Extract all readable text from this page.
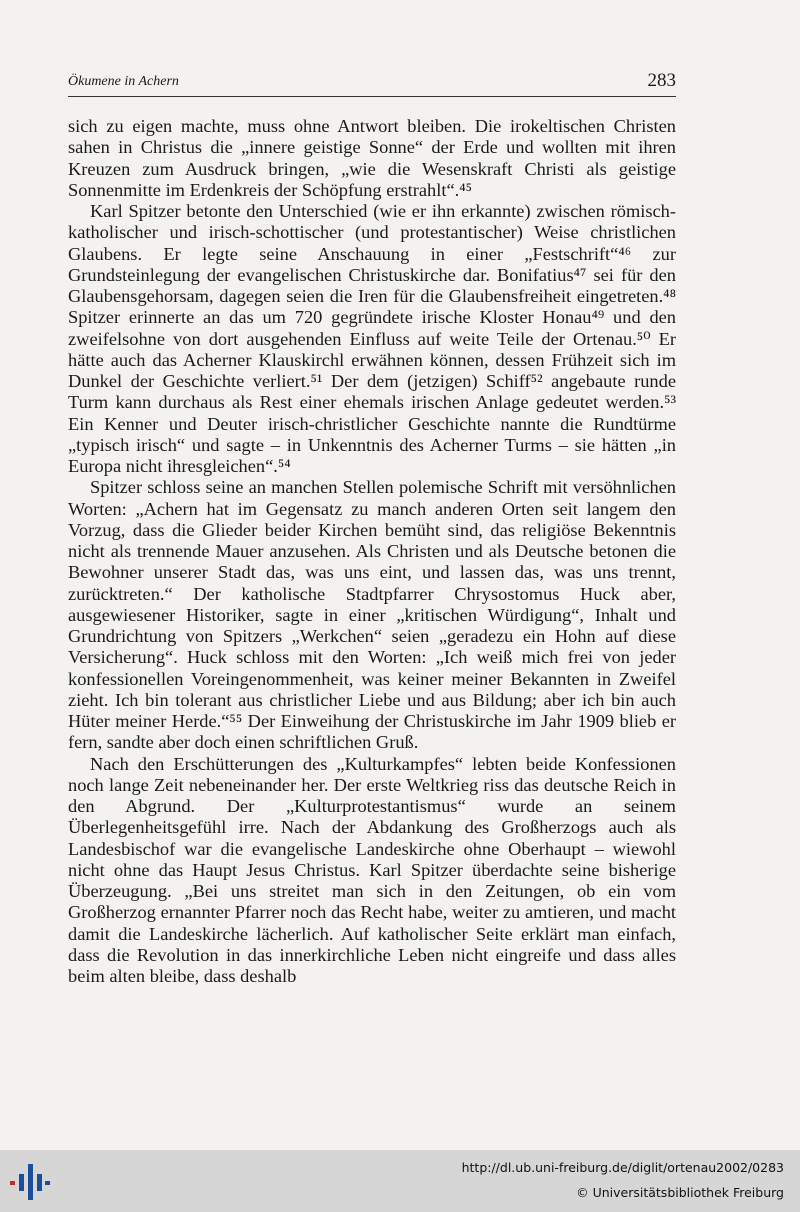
Ökumene in Achern	283

sich zu eigen machte, muss ohne Antwort bleiben. Die irokeltischen Christen sahen in Christus die „innere geistige Sonne“ der Erde und wollten mit ihren Kreuzen zum Ausdruck bringen, „wie die Wesenskraft Christi als geistige Sonnenmitte im Erdenkreis der Schöpfung erstrahlt“.⁴⁵

Karl Spitzer betonte den Unterschied (wie er ihn erkannte) zwischen römisch-katholischer und irisch-schottischer (und protestantischer) Weise christlichen Glaubens. Er legte seine Anschauung in einer „Festschrift“⁴⁶ zur Grundsteinlegung der evangelischen Christuskirche dar. Bonifatius⁴⁷ sei für den Glaubensgehorsam, dagegen seien die Iren für die Glaubensfreiheit eingetreten.⁴⁸ Spitzer erinnerte an das um 720 gegründete irische Kloster Honau⁴⁹ und den zweifelsohne von dort ausgehenden Einfluss auf weite Teile der Ortenau.⁵⁰ Er hätte auch das Acherner Klauskirchl erwähnen können, dessen Frühzeit sich im Dunkel der Geschichte verliert.⁵¹ Der dem (jetzigen) Schiff⁵² angebaute runde Turm kann durchaus als Rest einer ehemals irischen Anlage gedeutet werden.⁵³ Ein Kenner und Deuter irisch-christlicher Geschichte nannte die Rundtürme „typisch irisch“ und sagte – in Unkenntnis des Acherner Turms – sie hätten „in Europa nicht ihresgleichen“.⁵⁴

Spitzer schloss seine an manchen Stellen polemische Schrift mit versöhnlichen Worten: „Achern hat im Gegensatz zu manch anderen Orten seit langem den Vorzug, dass die Glieder beider Kirchen bemüht sind, das religiöse Bekenntnis nicht als trennende Mauer anzusehen. Als Christen und als Deutsche betonen die Bewohner unserer Stadt das, was uns eint, und lassen das, was uns trennt, zurücktreten.“ Der katholische Stadtpfarrer Chrysostomus Huck aber, ausgewiesener Historiker, sagte in einer „kritischen Würdigung“, Inhalt und Grundrichtung von Spitzers „Werkchen“ seien „geradezu ein Hohn auf diese Versicherung“. Huck schloss mit den Worten: „Ich weiß mich frei von jeder konfessionellen Voreingenommenheit, was keiner meiner Bekannten in Zweifel zieht. Ich bin tolerant aus christlicher Liebe und aus Bildung; aber ich bin auch Hüter meiner Herde.“⁵⁵ Der Einweihung der Christuskirche im Jahr 1909 blieb er fern, sandte aber doch einen schriftlichen Gruß.

Nach den Erschütterungen des „Kulturkampfes“ lebten beide Konfessionen noch lange Zeit nebeneinander her. Der erste Weltkrieg riss das deutsche Reich in den Abgrund. Der „Kulturprotestantismus“ wurde an seinem Überlegenheitsgefühl irre. Nach der Abdankung des Großherzogs auch als Landesbischof war die evangelische Landeskirche ohne Oberhaupt – wiewohl nicht ohne das Haupt Jesus Christus. Karl Spitzer überdachte seine bisherige Überzeugung. „Bei uns streitet man sich in den Zeitungen, ob ein vom Großherzog ernannter Pfarrer noch das Recht habe, weiter zu amtieren, und macht damit die Landeskirche lächerlich. Auf katholischer Seite erklärt man einfach, dass die Revolution in das innerkirchliche Leben nicht eingreife und dass alles beim alten bleibe, dass deshalb

http://dl.ub.uni-freiburg.de/diglit/ortenau2002/0283
© Universitätsbibliothek Freiburg
